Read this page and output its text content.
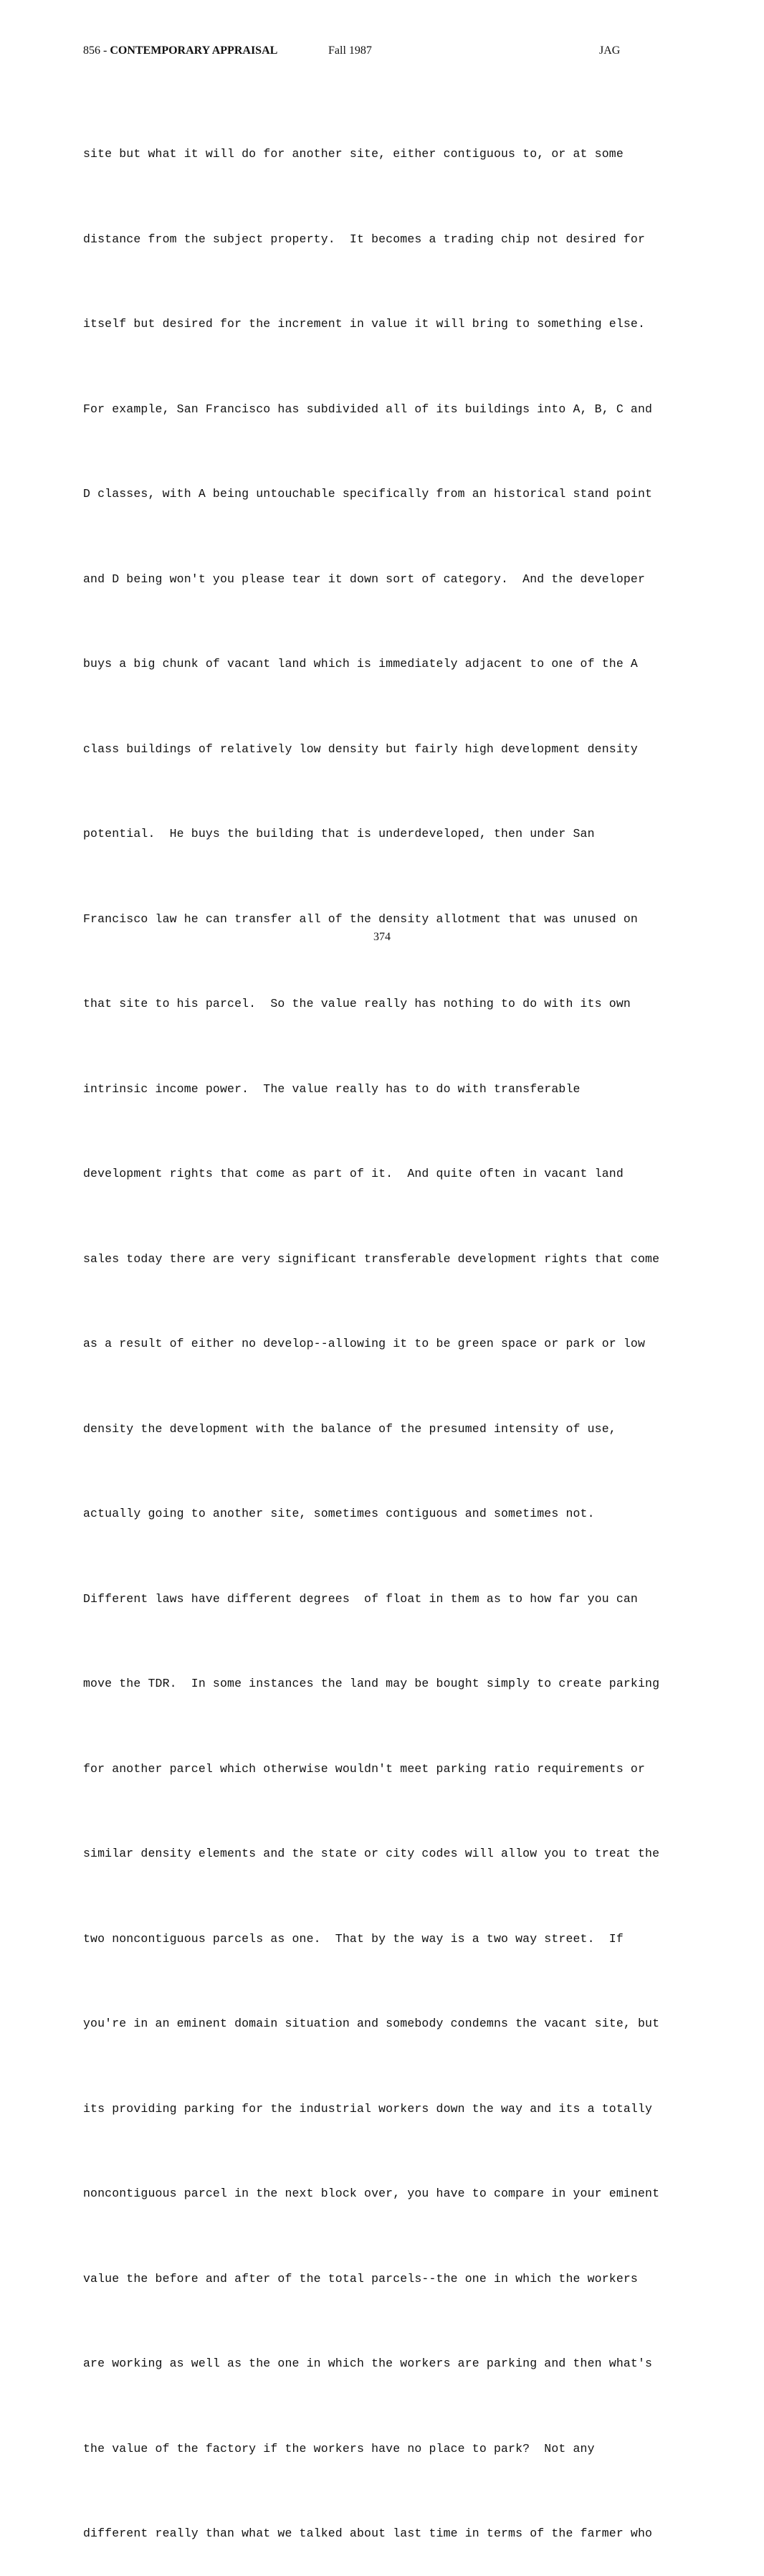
856 - CONTEMPORARY APPRAISAL	Fall 1987	JAG

site but what it will do for another site, either contiguous to, or at some

distance from the subject property.  It becomes a trading chip not desired for

itself but desired for the increment in value it will bring to something else.

For example, San Francisco has subdivided all of its buildings into A, B, C and

D classes, with A being untouchable specifically from an historical stand point

and D being won't you please tear it down sort of category.  And the developer

buys a big chunk of vacant land which is immediately adjacent to one of the A

class buildings of relatively low density but fairly high development density

potential.  He buys the building that is underdeveloped, then under San

Francisco law he can transfer all of the density allotment that was unused on

that site to his parcel.  So the value really has nothing to do with its own

intrinsic income power.  The value really has to do with transferable

development rights that come as part of it.  And quite often in vacant land

sales today there are very significant transferable development rights that come

as a result of either no develop--allowing it to be green space or park or low

density the development with the balance of the presumed intensity of use,

actually going to another site, sometimes contiguous and sometimes not.

Different laws have different degrees  of float in them as to how far you can

move the TDR.  In some instances the land may be bought simply to create parking

for another parcel which otherwise wouldn't meet parking ratio requirements or

similar density elements and the state or city codes will allow you to treat the

two noncontiguous parcels as one.  That by the way is a two way street.  If

you're in an eminent domain situation and somebody condemns the vacant site, but

its providing parking for the industrial workers down the way and its a totally

noncontiguous parcel in the next block over, you have to compare in your eminent

value the before and after of the total parcels--the one in which the workers

are working as well as the one in which the workers are parking and then what's

the value of the factory if the workers have no place to park?  Not any

different really than what we talked about last time in terms of the farmer who

374
